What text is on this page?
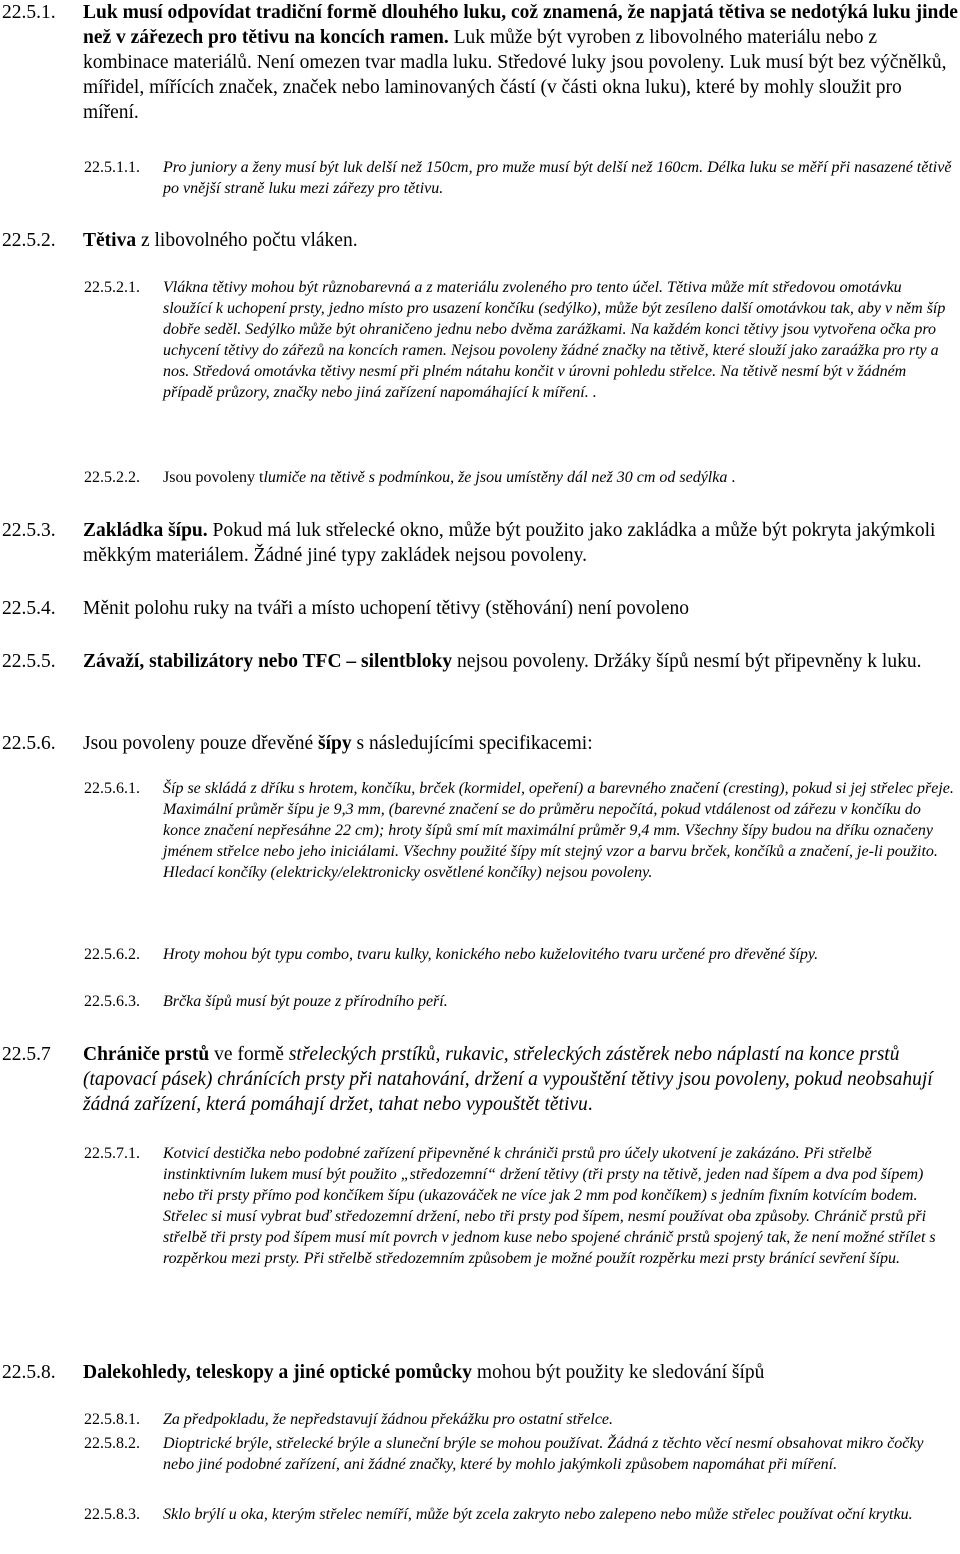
22.5.1.	Luk musí odpovídat tradiční formě dlouhého luku, což znamená, že napjatá tětiva se nedotýká luku jinde než v zářezech pro tětivu na koncích ramen. Luk může být vyroben z libovolného materiálu nebo z kombinace materiálů. Není omezen tvar madla luku. Středové luky jsou povoleny. Luk musí být bez výčnělků, mířidel, mířících značek, značek nebo laminovaných částí (v části okna luku), které by mohly sloužit pro míření.
22.5.1.1.	Pro juniory a ženy musí být luk delší než 150cm, pro muže musí být delší než 160cm. Délka luku se měří při nasazené tětivě po vnější straně luku mezi zářezy pro tětivu.
22.5.2.	Tětiva z libovolného počtu vláken.
22.5.2.1.	Vlákna tětivy mohou být různobarevná a z materiálu zvoleného pro tento účel. Tětiva může mít středovou omotávku sloužící k uchopení prsty, jedno místo pro usazení končíku (sedýlko), může být zesíleno další omotávkou tak, aby v něm šíp dobře seděl. Sedýlko může být ohraničeno jednu nebo dvěma zarážkami. Na každém konci tětivy jsou vytvořena očka pro uchycení tětivy do zářezů na koncích ramen. Nejsou povoleny žádné značky na tětivě, které slouží jako zaraážka pro rty a nos. Středová omotávka tětivy nesmí při plném nátahu končit v úrovni pohledu střelce. Na tětivě nesmí být v žádném případě průzory, značky nebo jiná zařízení napomáhající k míření. .
22.5.2.2.	Jsou povoleny tlumiče na tětivě s podmínkou, že jsou umístěny dál než 30 cm od sedýlka .
22.5.3.	Zakládka šípu. Pokud má luk střelecké okno, může být použito jako zakládka a může být pokryta jakýmkoli měkkým materiálem. Žádné jiné typy zakládek nejsou povoleny.
22.5.4.	Měnit polohu ruky na tváři a místo uchopení tětivy (stěhování) není povoleno
22.5.5.	Závaží, stabilizátory nebo TFC – silentbloky nejsou povoleny. Držáky šípů nesmí být připevněny k luku.
22.5.6.	Jsou povoleny pouze dřevěné šípy s následujícími specifikacemi:
22.5.6.1.	Šíp se skládá z dříku s hrotem, končíku, brček (kormidel, opeření) a barevného značení (cresting), pokud si jej střelec přeje. Maximální průměr šípu je 9,3 mm, (barevné značení se do průměru nepočítá, pokud vtdálenost od zářezu v končíku do konce značení nepřesáhne 22 cm); hroty šípů smí mít maximální průměr 9,4 mm. Všechny šípy budou na dříku označeny jménem střelce nebo jeho iniciálami. Všechny použité šípy mít stejný vzor a barvu brček, končíků a značení, je-li použito. Hledací končíky (elektricky/elektronicky osvětlené končíky) nejsou povoleny.
22.5.6.2.	Hroty mohou být typu combo, tvaru kulky, konického nebo kuželovitého tvaru určené pro dřevěné šípy.
22.5.6.3.	Brčka šípů musí být pouze z přírodního peří.
22.5.7	Chrániče prstů ve formě střeleckých prstíků, rukavic, střeleckých zástěrek nebo náplastí na konce prstů (tapovací pásek) chránících prsty při natahování, držení a vypouštění tětivy jsou povoleny, pokud neobsahují žádná zařízení, která pomáhají držet, tahat nebo vypouštět tětivu.
22.5.7.1.	Kotvicí destička nebo podobné zařízení připevněné k chrániči prstů pro účely ukotvení je zakázáno. Při střelbě instinktivním lukem musí být použito „středozemní“ držení tětivy (tři prsty na tětivě, jeden nad šípem a dva pod šípem) nebo tři prsty přímo pod končíkem šípu (ukazováček ne více jak 2 mm pod končíkem) s jedním fixním kotvícím bodem. Střelec si musí vybrat buď středozemní držení, nebo tři prsty pod šípem, nesmí používat oba způsoby. Chránič prstů při střelbě tři prsty pod šípem musí mít povrch v jednom kuse nebo spojené chránič prstů spojený tak, že není možné střílet s rozpěrkou mezi prsty. Při střelbě středozemním způsobem je možné použít rozpěrku mezi prsty bránící sevření šípu.
22.5.8.	Dalekohledy, teleskopy a jiné optické pomůcky mohou být použity ke sledování šípů
22.5.8.1.	Za předpokladu, že nepředstavují žádnou překážku pro ostatní střelce.
22.5.8.2.	Dioptrické brýle, střelecké brýle a sluneční brýle se mohou používat. Žádná z těchto věcí nesmí obsahovat mikro čočky nebo jiné podobné zařízení, ani žádné značky, které by mohlo jakýmkoli způsobem napomáhat při míření.
22.5.8.3.	Sklo brýlí u oka, kterým střelec nemíří, může být zcela zakryto nebo zalepeno nebo může střelec používat oční krytku.
